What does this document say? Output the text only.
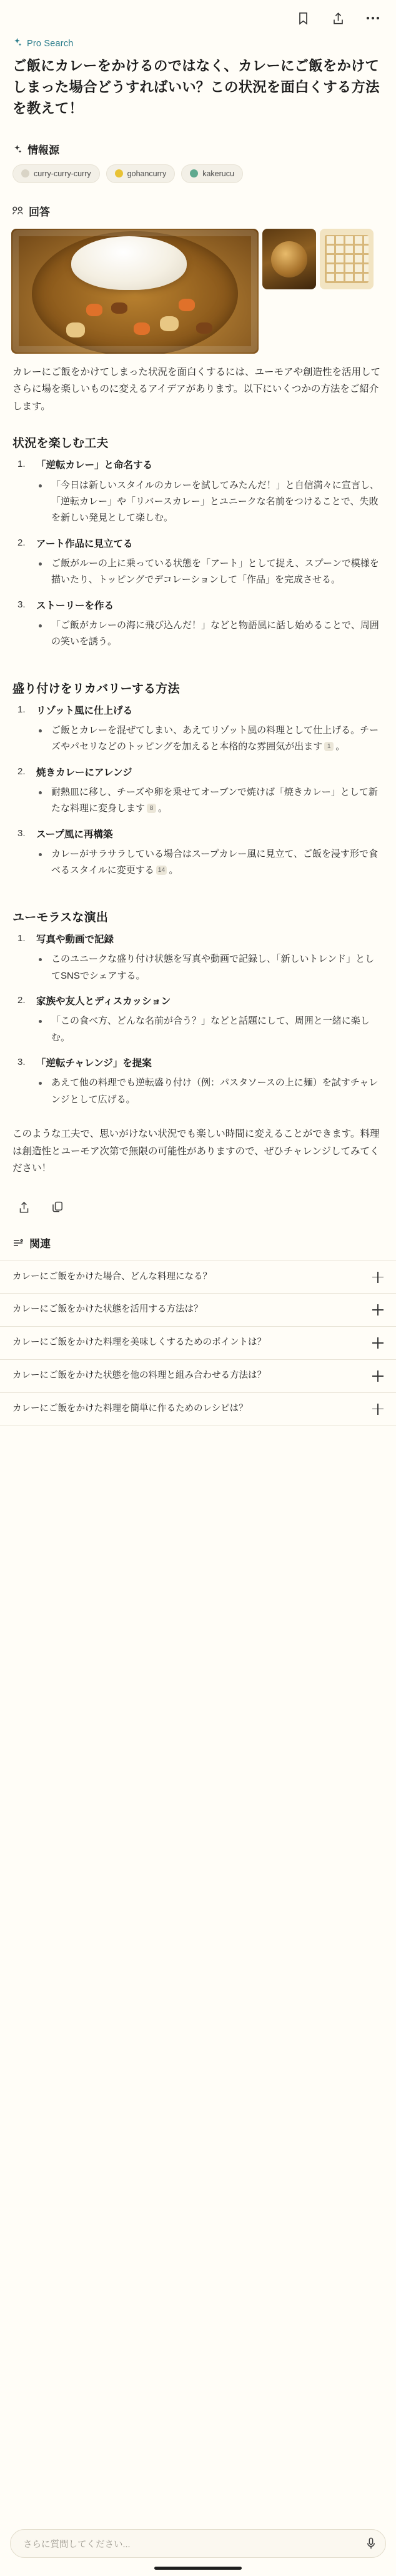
Pro Search
ご飯にカレーをかけるのではなく、カレーにご飯をかけてしまった場合どうすればいい？この状況を面白くする方法を教えて！
情報源
curry-curry-curry	gohancurry	kakerucu
回答
カレーにご飯をかけてしまった状況を面白くするには、ユーモアや創造性を活用してさらに場を楽しいものに変えるアイデアがあります。以下にいくつかの方法をご紹介します。
状況を楽しむ工夫
「逆転カレー」と命名する
「今日は新しいスタイルのカレーを試してみたんだ！」と自信満々に宣言し、「逆転カレー」や「リバースカレー」とユニークな名前をつけることで、失敗を新しい発見として楽しむ。
アート作品に見立てる
ご飯がルーの上に乗っている状態を「アート」として捉え、スプーンで模様を描いたり、トッピングでデコレーションして「作品」を完成させる。
ストーリーを作る
「ご飯がカレーの海に飛び込んだ！」などと物語風に話し始めることで、周囲の笑いを誘う。
盛り付けをリカバリーする方法
リゾット風に仕上げる
ご飯とカレーを混ぜてしまい、あえてリゾット風の料理として仕上げる。チーズやパセリなどのトッピングを加えると本格的な雰囲気が出ます 1 。
焼きカレーにアレンジ
耐熱皿に移し、チーズや卵を乗せてオーブンで焼けば「焼きカレー」として新たな料理に変身します 8 。
スープ風に再構築
カレーがサラサラしている場合はスープカレー風に見立て、ご飯を浸す形で食べるスタイルに変更する 14 。
ユーモラスな演出
写真や動画で記録
このユニークな盛り付け状態を写真や動画で記録し、「新しいトレンド」としてSNSでシェアする。
家族や友人とディスカッション
「この食べ方、どんな名前が合う？」などと話題にして、周囲と一緒に楽しむ。
「逆転チャレンジ」を提案
あえて他の料理でも逆転盛り付け（例：パスタソースの上に麺）を試すチャレンジとして広げる。
このような工夫で、思いがけない状況でも楽しい時間に変えることができます。料理は創造性とユーモア次第で無限の可能性がありますので、ぜひチャレンジしてみてください！
関連
カレーにご飯をかけた場合、どんな料理になる？
カレーにご飯をかけた状態を活用する方法は？
カレーにご飯をかけた料理を美味しくするためのポイントは？
カレーにご飯をかけた状態を他の料理と組み合わせる方法は？
カレーにご飯をかけた料理を簡単に作るためのレシピは？
さらに質問してください...
